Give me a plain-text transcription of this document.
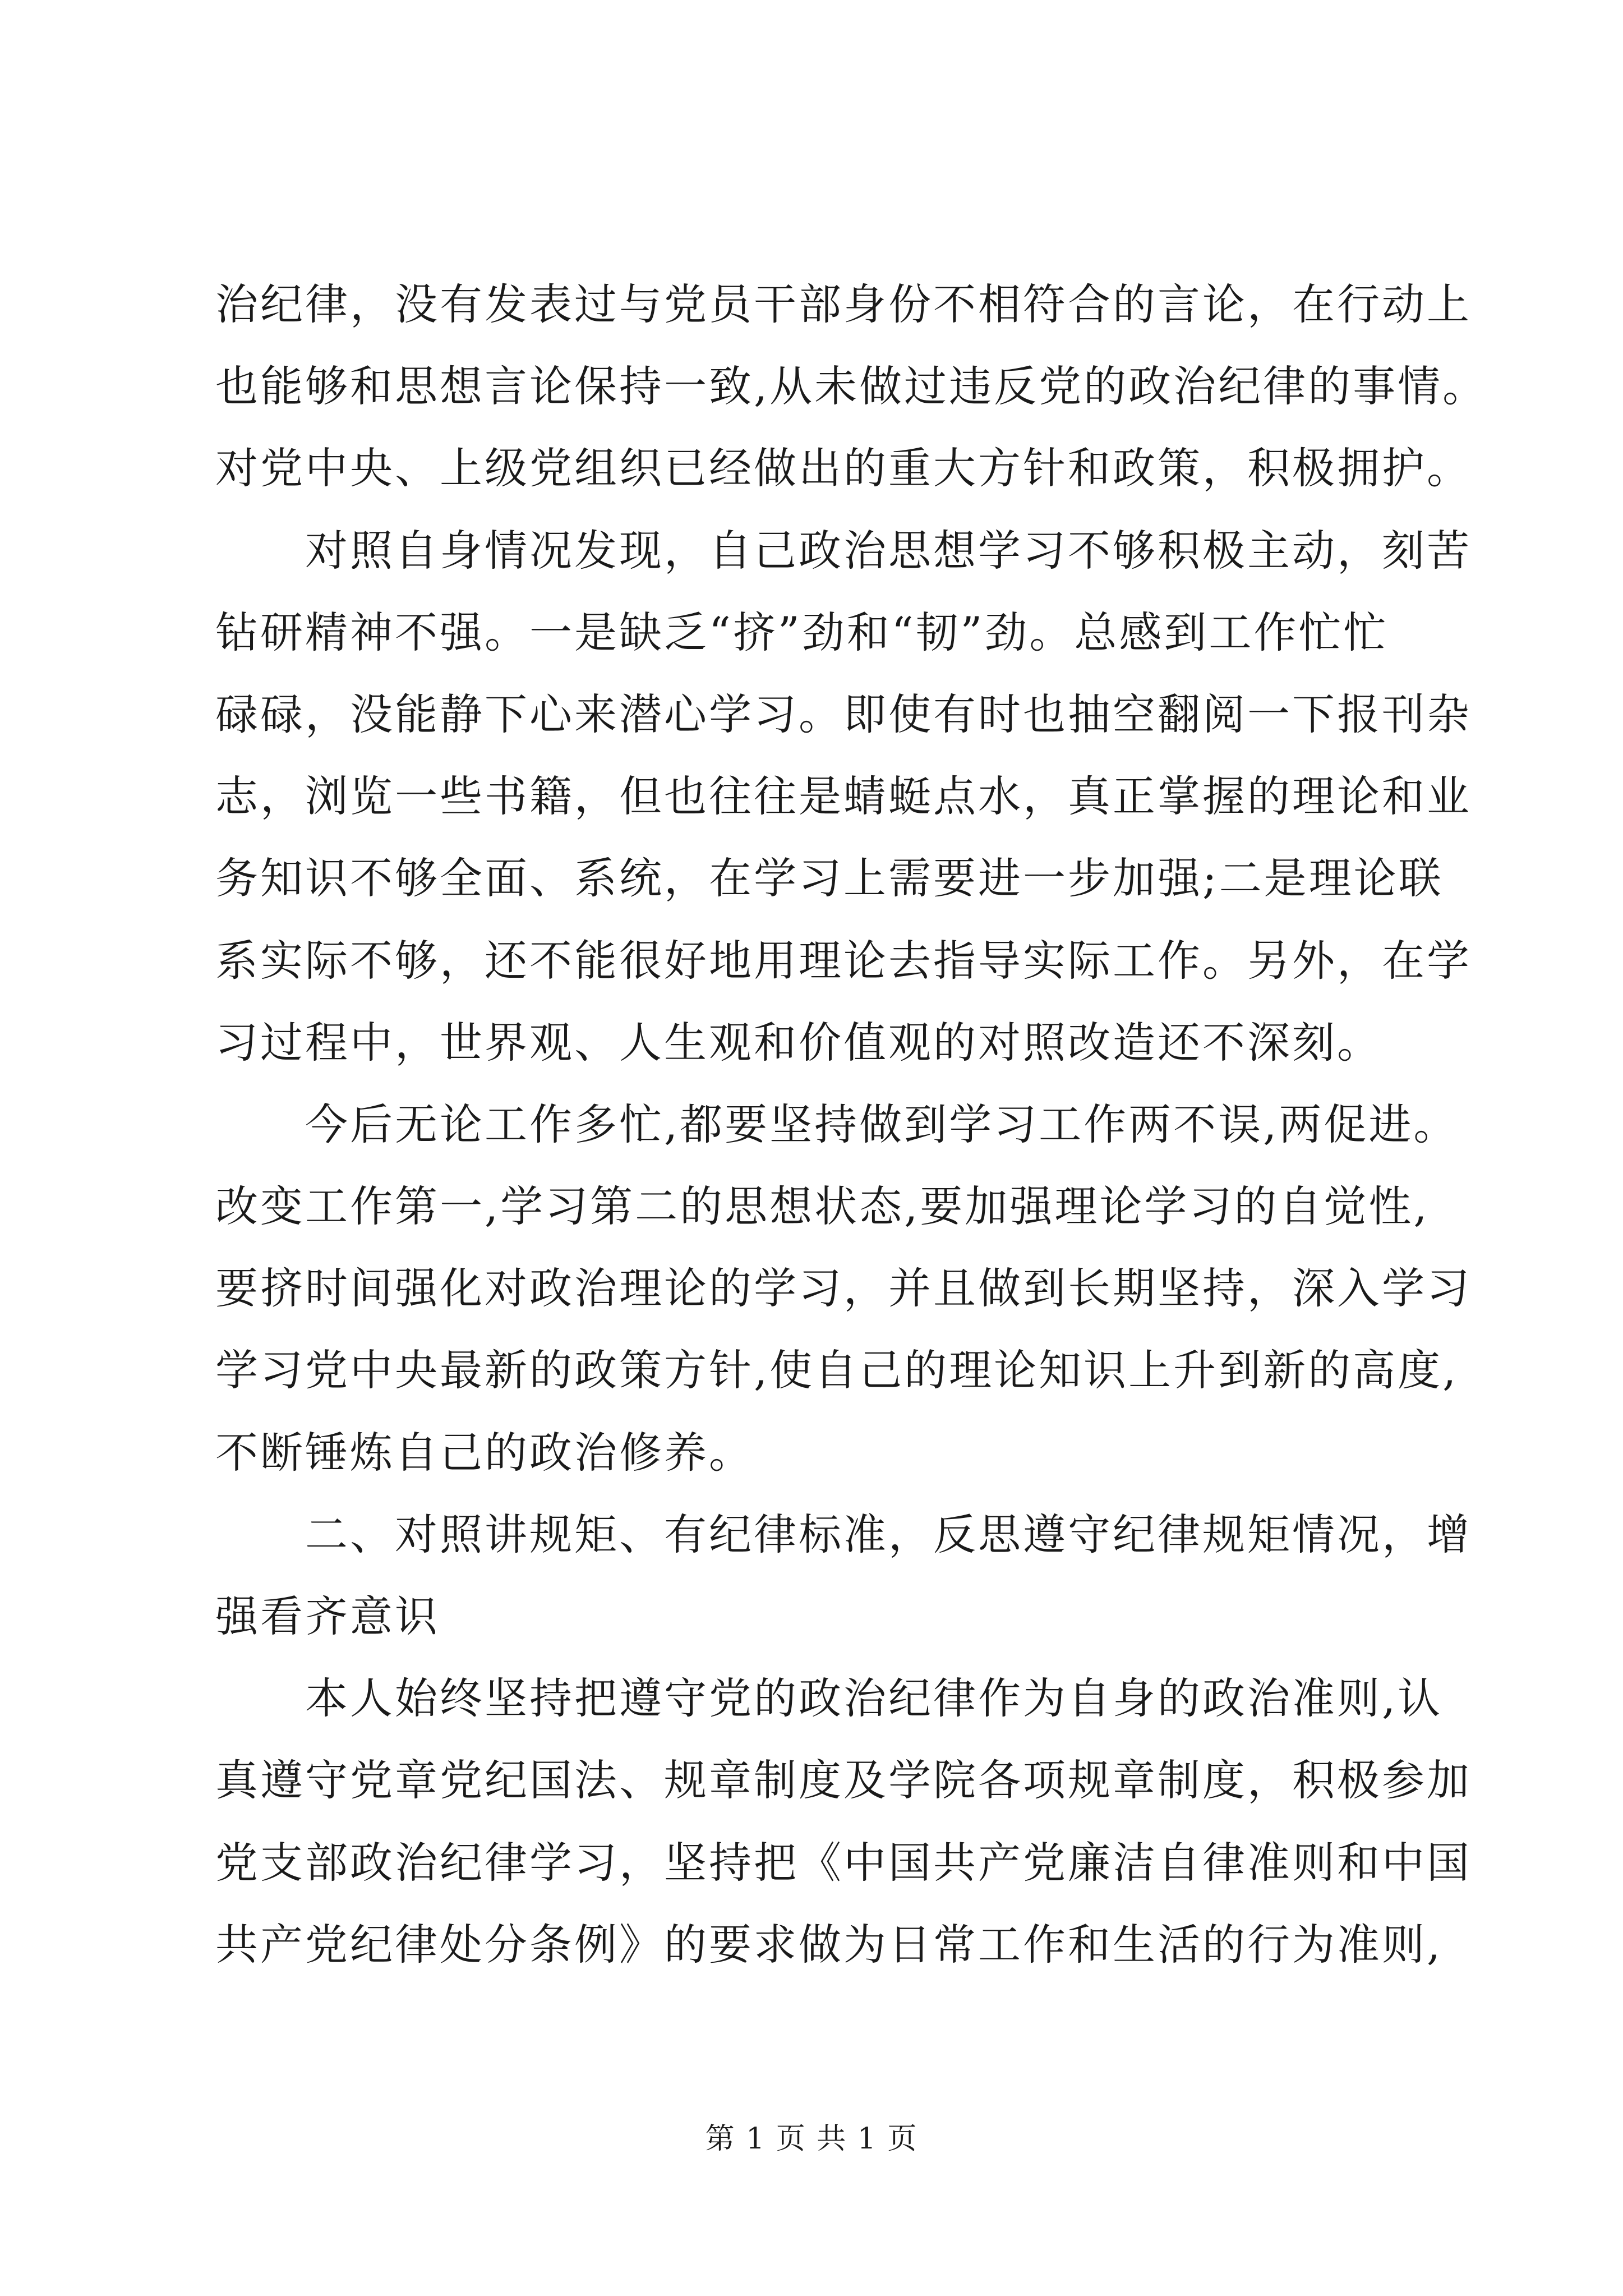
治纪律，没有发表过与党员干部身份不相符合的言论，在行动上
也能够和思想言论保持一致,从未做过违反党的政治纪律的事情。
对党中央、上级党组织已经做出的重大方针和政策，积极拥护。
　　对照自身情况发现，自己政治思想学习不够积极主动，刻苦
钻研精神不强。一是缺乏“挤”劲和“韧”劲。总感到工作忙忙
碌碌，没能静下心来潜心学习。即使有时也抽空翻阅一下报刊杂
志，浏览一些书籍，但也往往是蜻蜓点水，真正掌握的理论和业
务知识不够全面、系统，在学习上需要进一步加强;二是理论联
系实际不够，还不能很好地用理论去指导实际工作。另外，在学
习过程中，世界观、人生观和价值观的对照改造还不深刻。
　　今后无论工作多忙,都要坚持做到学习工作两不误,两促进。
改变工作第一,学习第二的思想状态,要加强理论学习的自觉性,
要挤时间强化对政治理论的学习，并且做到长期坚持，深入学习
学习党中央最新的政策方针,使自己的理论知识上升到新的高度,
不断锤炼自己的政治修养。
　　二、对照讲规矩、有纪律标准，反思遵守纪律规矩情况，增
强看齐意识
　　本人始终坚持把遵守党的政治纪律作为自身的政治准则,认
真遵守党章党纪国法、规章制度及学院各项规章制度，积极参加
党支部政治纪律学习，坚持把《中国共产党廉洁自律准则和中国
共产党纪律处分条例》的要求做为日常工作和生活的行为准则,
第 1 页 共 1 页
